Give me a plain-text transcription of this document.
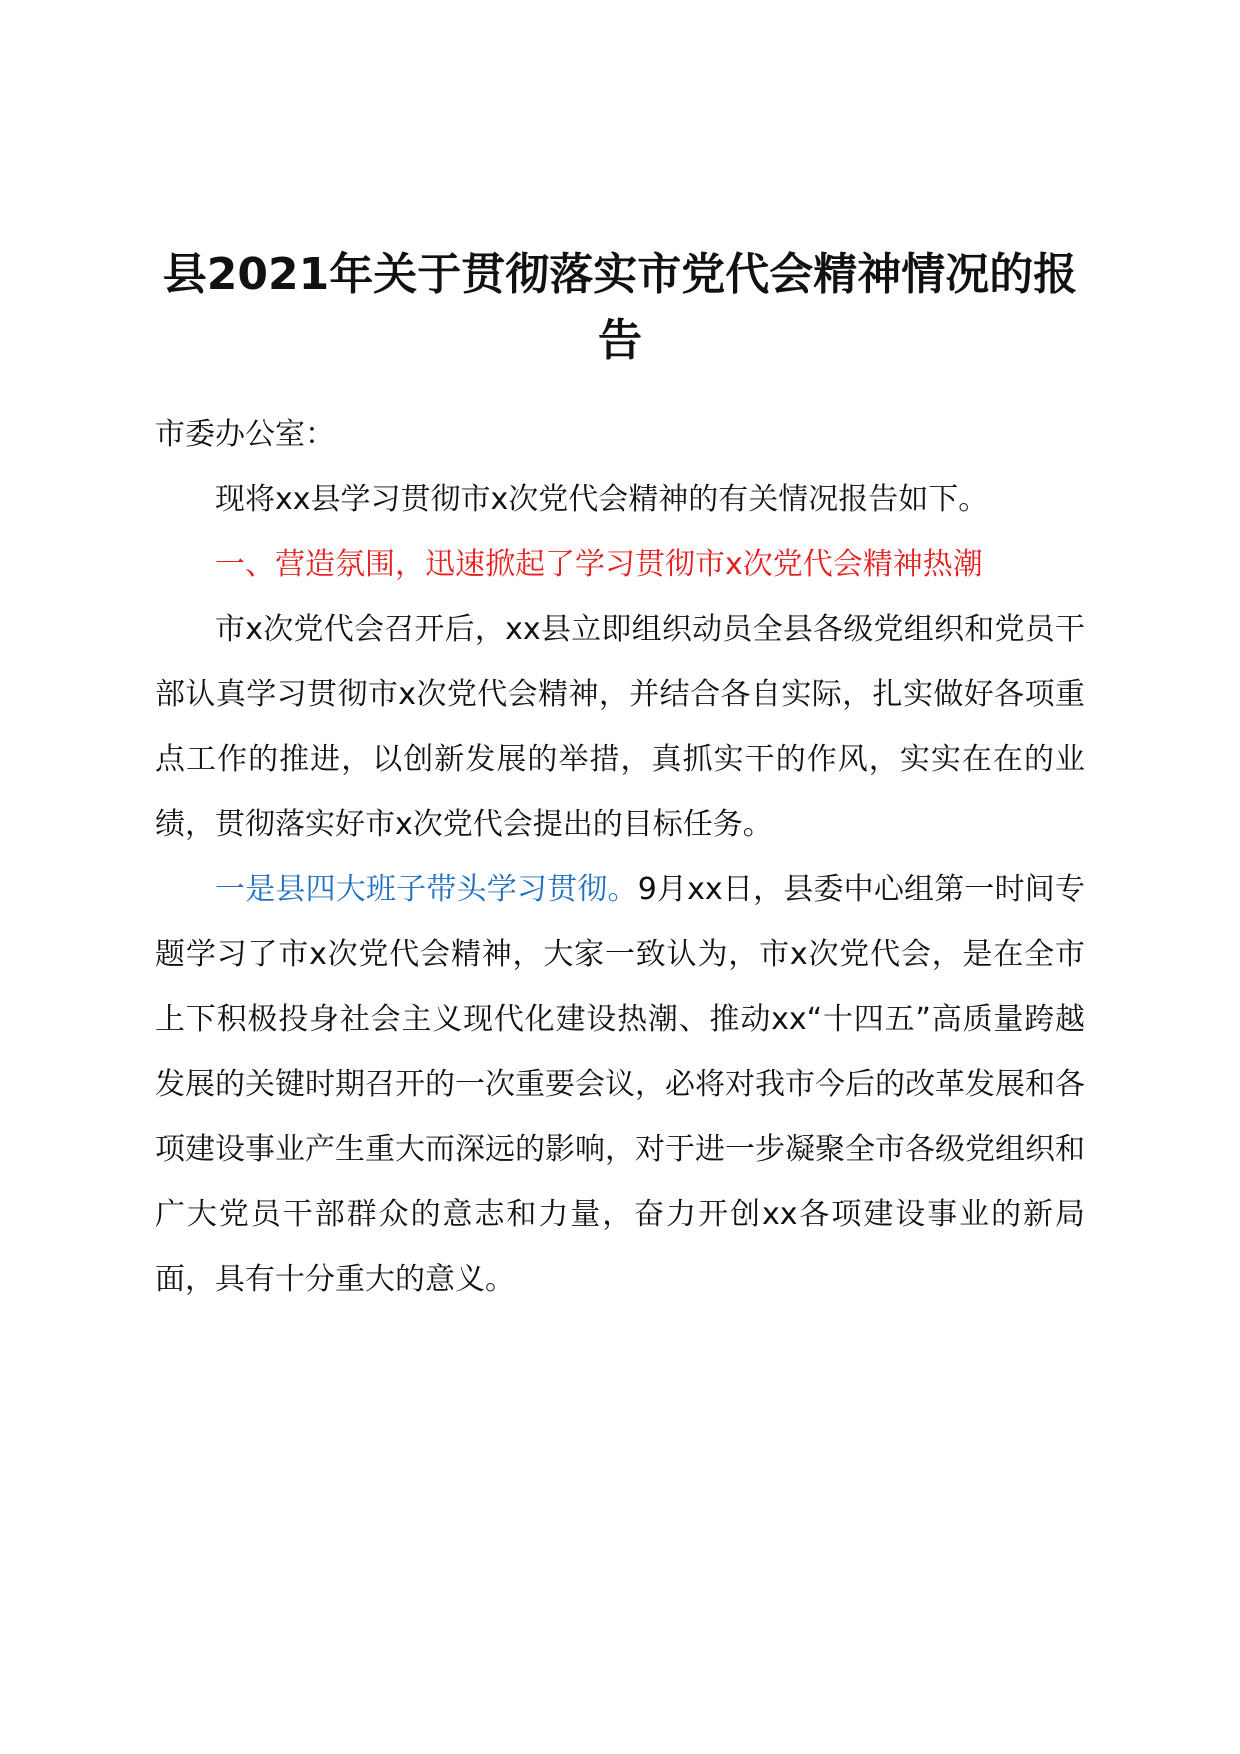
县2021年关于贯彻落实市党代会精神情况的报告

市委办公室：

现将xx县学习贯彻市x次党代会精神的有关情况报告如下。

一、营造氛围，迅速掀起了学习贯彻市x次党代会精神热潮

市x次党代会召开后，xx县立即组织动员全县各级党组织和党员干部认真学习贯彻市x次党代会精神，并结合各自实际，扎实做好各项重点工作的推进，以创新发展的举措，真抓实干的作风，实实在在的业绩，贯彻落实好市x次党代会提出的目标任务。

一是县四大班子带头学习贯彻。9月xx日，县委中心组第一时间专题学习了市x次党代会精神，大家一致认为，市x次党代会，是在全市上下积极投身社会主义现代化建设热潮、推动xx“十四五”高质量跨越发展的关键时期召开的一次重要会议，必将对我市今后的改革发展和各项建设事业产生重大而深远的影响，对于进一步凝聚全市各级党组织和广大党员干部群众的意志和力量，奋力开创xx各项建设事业的新局面，具有十分重大的意义。
